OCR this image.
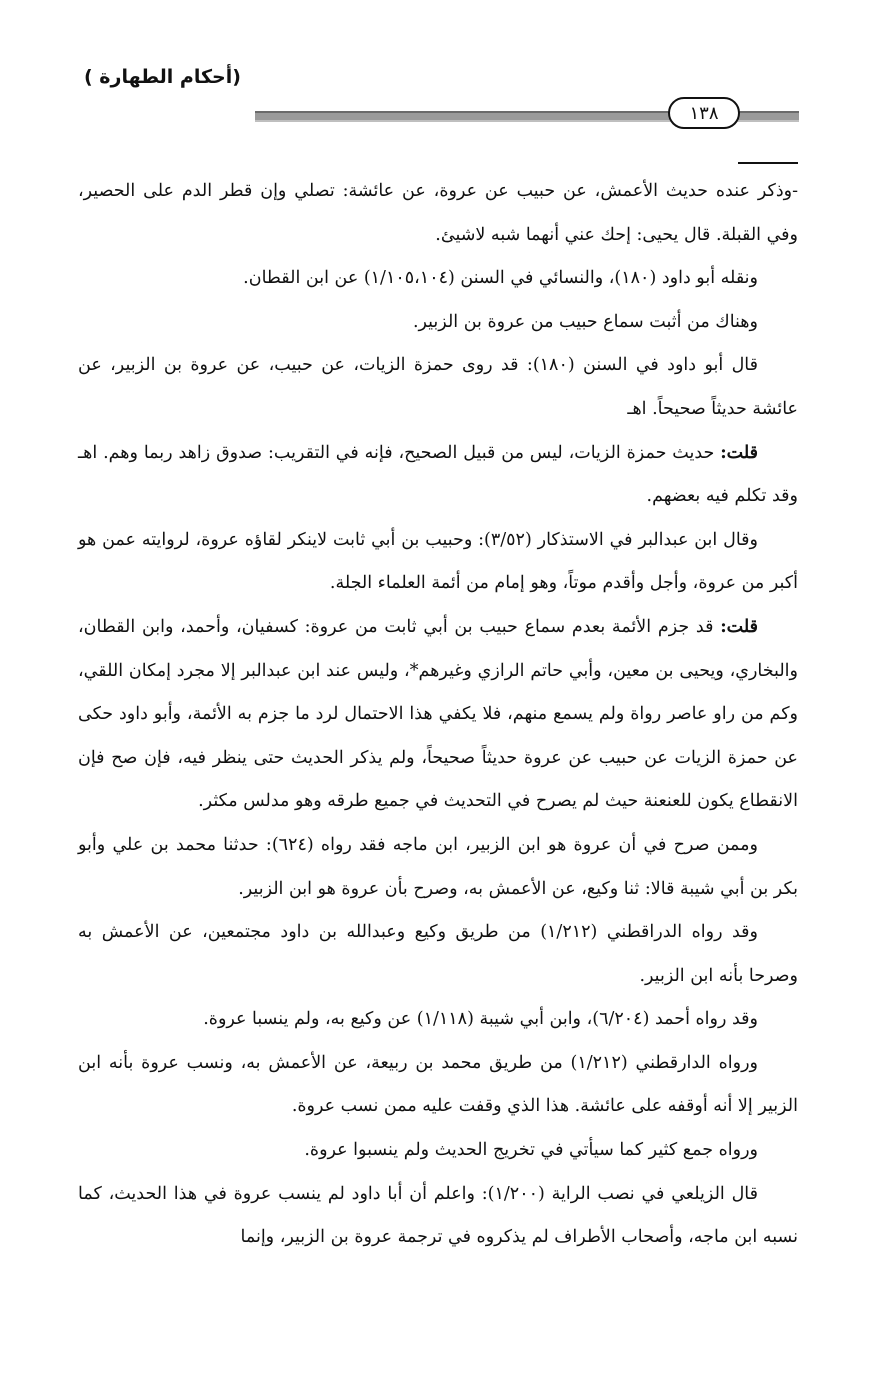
(أحكام الطهارة )
١٣٨

-وذكر عنده حديث الأعمش، عن حبيب عن عروة، عن عائشة: تصلي وإن قطر الدم على الحصير، وفي القبلة. قال يحيى: إحك عني أنهما شبه لاشيئ.

ونقله أبو داود (١٨٠)، والنسائي في السنن (١/١٠٥،١٠٤) عن ابن القطان.

وهناك من أثبت سماع حبيب من عروة بن الزبير.

قال أبو داود في السنن (١٨٠): قد روى حمزة الزيات، عن حبيب، عن عروة بن الزبير، عن عائشة حديثاً صحيحاً. اهـ

قلت: حديث حمزة الزيات، ليس من قبيل الصحيح، فإنه في التقريب: صدوق زاهد ربما وهم. اهـ وقد تكلم فيه بعضهم.

وقال ابن عبدالبر في الاستذكار (٣/٥٢): وحبيب بن أبي ثابت لاينكر لقاؤه عروة، لروايته عمن هو أكبر من عروة، وأجل وأقدم موتاً، وهو إمام من أئمة العلماء الجلة.

قلت: قد جزم الأئمة بعدم سماع حبيب بن أبي ثابت من عروة: كسفيان، وأحمد، وابن القطان، والبخاري، ويحيى بن معين، وأبي حاتم الرازي وغيرهم*، وليس عند ابن عبدالبر إلا مجرد إمكان اللقي، وكم من راو عاصر رواة ولم يسمع منهم، فلا يكفي هذا الاحتمال لرد ما جزم به الأئمة، وأبو داود حكى عن حمزة الزيات عن حبيب عن عروة حديثاً صحيحاً، ولم يذكر الحديث حتى ينظر فيه، فإن صح فإن الانقطاع يكون للعنعنة حيث لم يصرح في التحديث في جميع طرقه وهو مدلس مكثر.

وممن صرح في أن عروة هو ابن الزبير، ابن ماجه فقد رواه (٦٢٤): حدثنا محمد بن علي وأبو بكر بن أبي شيبة قالا: ثنا وكيع، عن الأعمش به، وصرح بأن عروة هو ابن الزبير.

وقد رواه الدراقطني (١/٢١٢) من طريق وكيع وعبدالله بن داود مجتمعين، عن الأعمش به وصرحا بأنه ابن الزبير.

وقد رواه أحمد (٦/٢٠٤)، وابن أبي شيبة (١/١١٨) عن وكيع به، ولم ينسبا عروة.

ورواه الدارقطني (١/٢١٢) من طريق محمد بن ربيعة، عن الأعمش به، ونسب عروة بأنه ابن الزبير إلا أنه أوقفه على عائشة. هذا الذي وقفت عليه ممن نسب عروة.

ورواه جمع كثير كما سيأتي في تخريج الحديث ولم ينسبوا عروة.

قال الزيلعي في نصب الراية (١/٢٠٠): واعلم أن أبا داود لم ينسب عروة في هذا الحديث، كما نسبه ابن ماجه، وأصحاب الأطراف لم يذكروه في ترجمة عروة بن الزبير، وإنما
